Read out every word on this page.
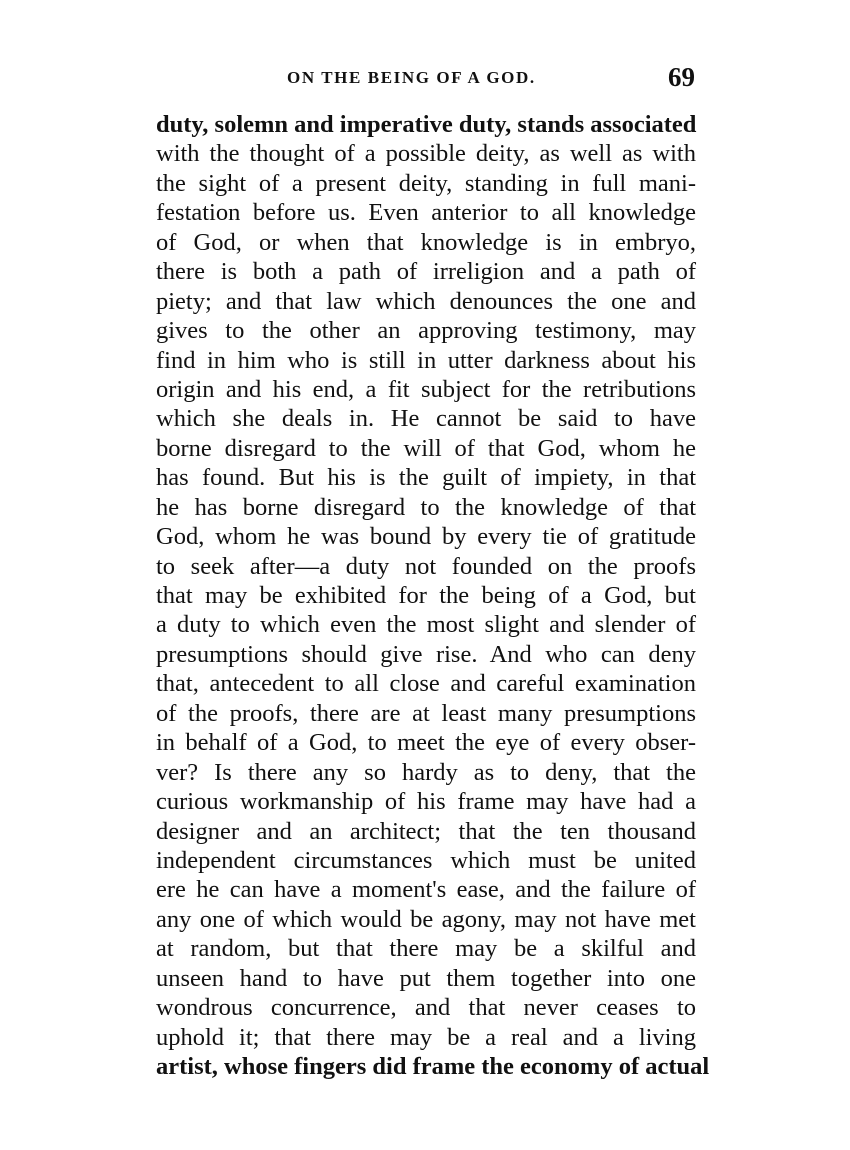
ON THE BEING OF A GOD.	69
duty, solemn and imperative duty, stands associated
with the thought of a possible deity, as well as with
the sight of a present deity, standing in full mani-
festation before us. Even anterior to all knowledge
of God, or when that knowledge is in embryo,
there is both a path of irreligion and a path of
piety; and that law which denounces the one and
gives to the other an approving testimony, may
find in him who is still in utter darkness about his
origin and his end, a fit subject for the retributions
which she deals in. He cannot be said to have
borne disregard to the will of that God, whom he
has found. But his is the guilt of impiety, in that
he has borne disregard to the knowledge of that
God, whom he was bound by every tie of gratitude
to seek after—a duty not founded on the proofs
that may be exhibited for the being of a God, but
a duty to which even the most slight and slender of
presumptions should give rise. And who can deny
that, antecedent to all close and careful examination
of the proofs, there are at least many presumptions
in behalf of a God, to meet the eye of every obser-
ver? Is there any so hardy as to deny, that the
curious workmanship of his frame may have had a
designer and an architect; that the ten thousand
independent circumstances which must be united
ere he can have a moment's ease, and the failure of
any one of which would be agony, may not have met
at random, but that there may be a skilful and
unseen hand to have put them together into one
wondrous concurrence, and that never ceases to
uphold it; that there may be a real and a living
artist, whose fingers did frame the economy of actual
